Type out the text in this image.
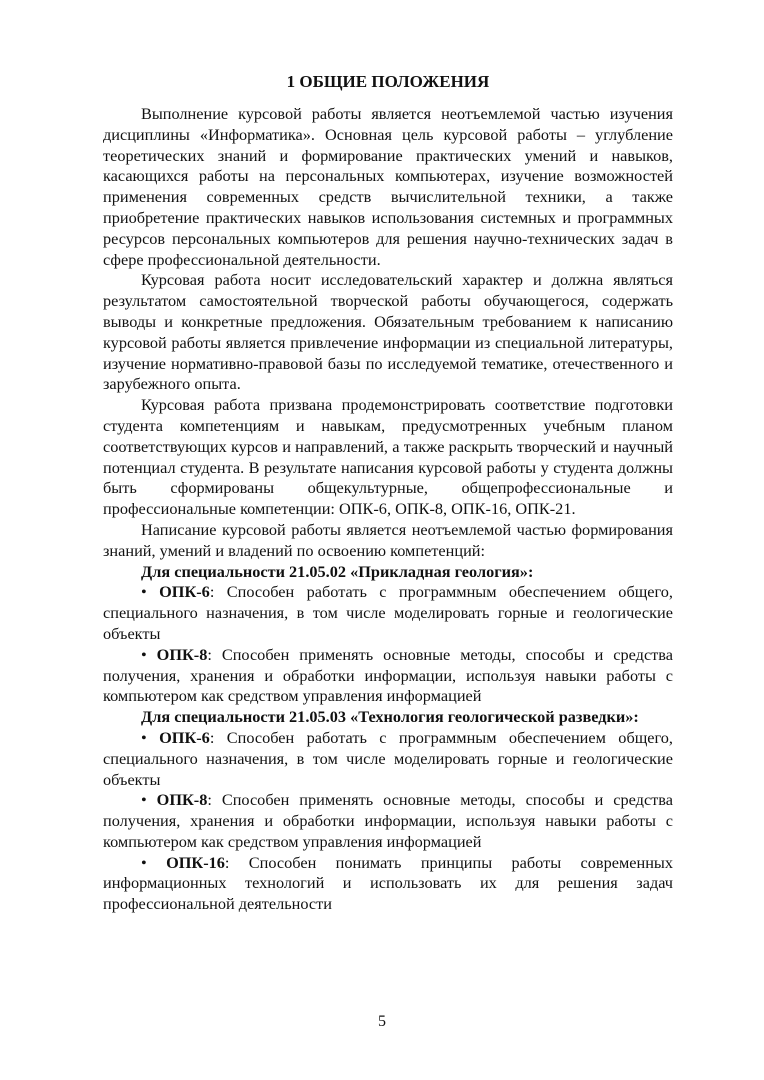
1 ОБЩИЕ ПОЛОЖЕНИЯ

Выполнение курсовой работы является неотъемлемой частью изучения дисциплины «Информатика». Основная цель курсовой работы – углубление теоретических знаний и формирование практических умений и навыков, касающихся работы на персональных компьютерах, изучение возможностей применения современных средств вычислительной техники, а также приобретение практических навыков использования системных и программных ресурсов персональных компьютеров для решения научно-технических задач в сфере профессиональной деятельности.

Курсовая работа носит исследовательский характер и должна являться результатом самостоятельной творческой работы обучающегося, содержать выводы и конкретные предложения. Обязательным требованием к написанию курсовой работы является привлечение информации из специальной литературы, изучение нормативно-правовой базы по исследуемой тематике, отечественного и зарубежного опыта.

Курсовая работа призвана продемонстрировать соответствие подготовки студента компетенциям и навыкам, предусмотренных учебным планом соответствующих курсов и направлений, а также раскрыть творческий и научный потенциал студента. В результате написания курсовой работы у студента должны быть сформированы общекультурные, общепрофессиональные и профессиональные компетенции: ОПК-6, ОПК-8, ОПК-16, ОПК-21.

Написание курсовой работы является неотъемлемой частью формирования знаний, умений и владений по освоению компетенций:

Для специальности 21.05.02 «Прикладная геология»:

• ОПК-6: Способен работать с программным обеспечением общего, специального назначения, в том числе моделировать горные и геологические объекты

• ОПК-8: Способен применять основные методы, способы и средства получения, хранения и обработки информации, используя навыки работы с компьютером как средством управления информацией

Для специальности 21.05.03 «Технология геологической разведки»:

• ОПК-6: Способен работать с программным обеспечением общего, специального назначения, в том числе моделировать горные и геологические объекты

• ОПК-8: Способен применять основные методы, способы и средства получения, хранения и обработки информации, используя навыки работы с компьютером как средством управления информацией

• ОПК-16: Способен понимать принципы работы современных информационных технологий и использовать их для решения задач профессиональной деятельности

5
